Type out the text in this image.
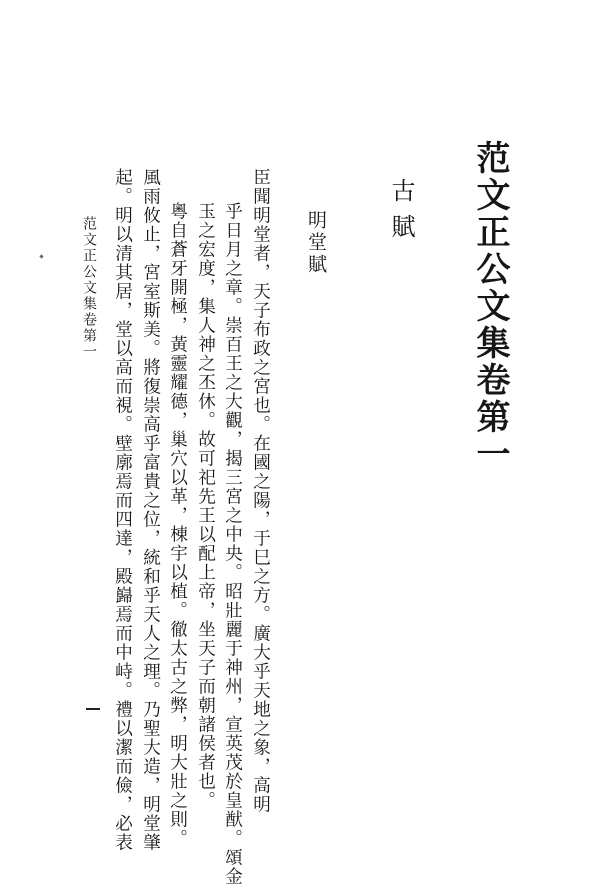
范文正公文集卷第一
古賦
明堂賦
臣聞明堂者，天子布政之宮也。在國之陽，于巳之方。廣大乎天地之象，高明
乎日月之章。崇百王之大觀，揭三宮之中央。昭壯麗于神州，宣英茂於皇猷。頌金
玉之宏度，集人神之丕休。故可祀先王以配上帝，坐天子而朝諸侯者也。
粵自蒼牙開極，黃靈耀德，巢穴以革，棟宇以植。徹太古之弊，明大壯之則。
風雨攸止，宮室斯美。將復崇高乎富貴之位，統和乎天人之理。乃聖大造，明堂肇
起。明以清其居，堂以高而視。壁廓焉而四達，殿巋焉而中峙。禮以潔而儉，必表
范文正公文集卷第一
